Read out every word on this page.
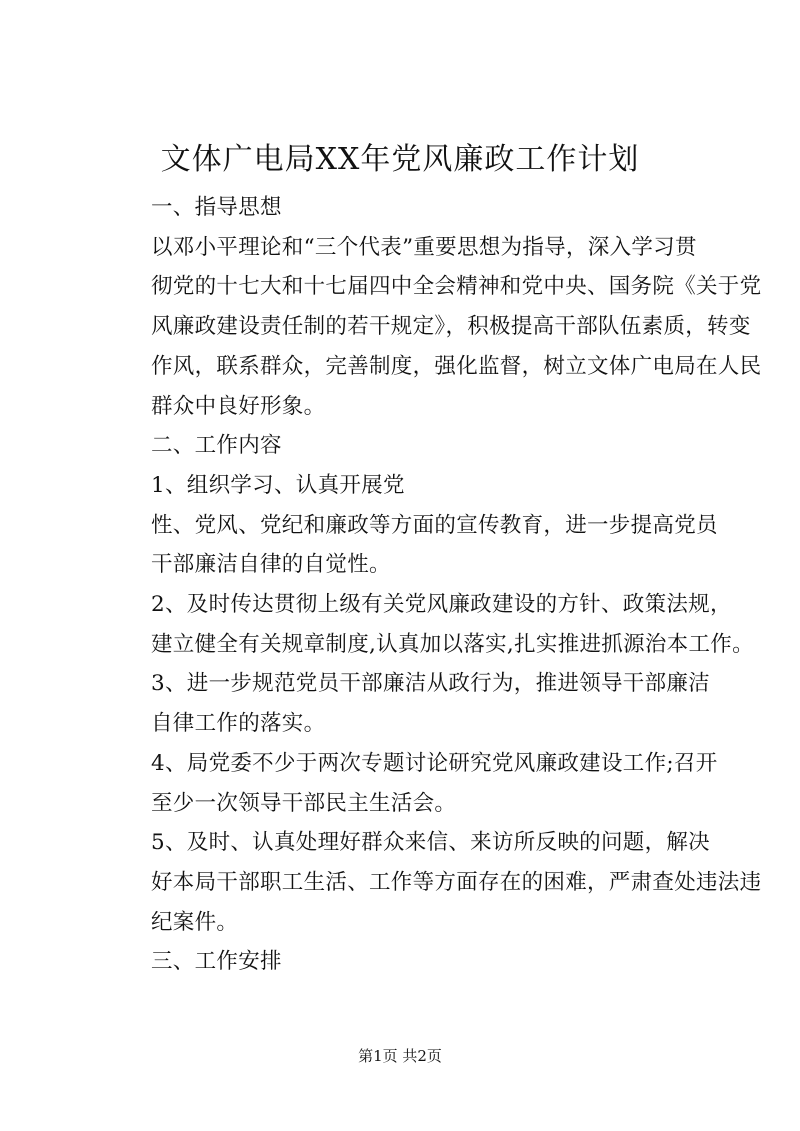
文体广电局XX年党风廉政工作计划

一、指导思想

以邓小平理论和“三个代表”重要思想为指导，深入学习贯
彻党的十七大和十七届四中全会精神和党中央、国务院《关于党
风廉政建设责任制的若干规定》，积极提高干部队伍素质，转变
作风，联系群众，完善制度，强化监督，树立文体广电局在人民
群众中良好形象。

二、工作内容

1、组织学习、认真开展党

性、党风、党纪和廉政等方面的宣传教育，进一步提高党员
干部廉洁自律的自觉性。

2、及时传达贯彻上级有关党风廉政建设的方针、政策法规，
建立健全有关规章制度,认真加以落实,扎实推进抓源治本工作。

3、进一步规范党员干部廉洁从政行为，推进领导干部廉洁
自律工作的落实。

4、局党委不少于两次专题讨论研究党风廉政建设工作;召开
至少一次领导干部民主生活会。

5、及时、认真处理好群众来信、来访所反映的问题，解决
好本局干部职工生活、工作等方面存在的困难，严肃查处违法违
纪案件。

三、工作安排

第1页 共2页
